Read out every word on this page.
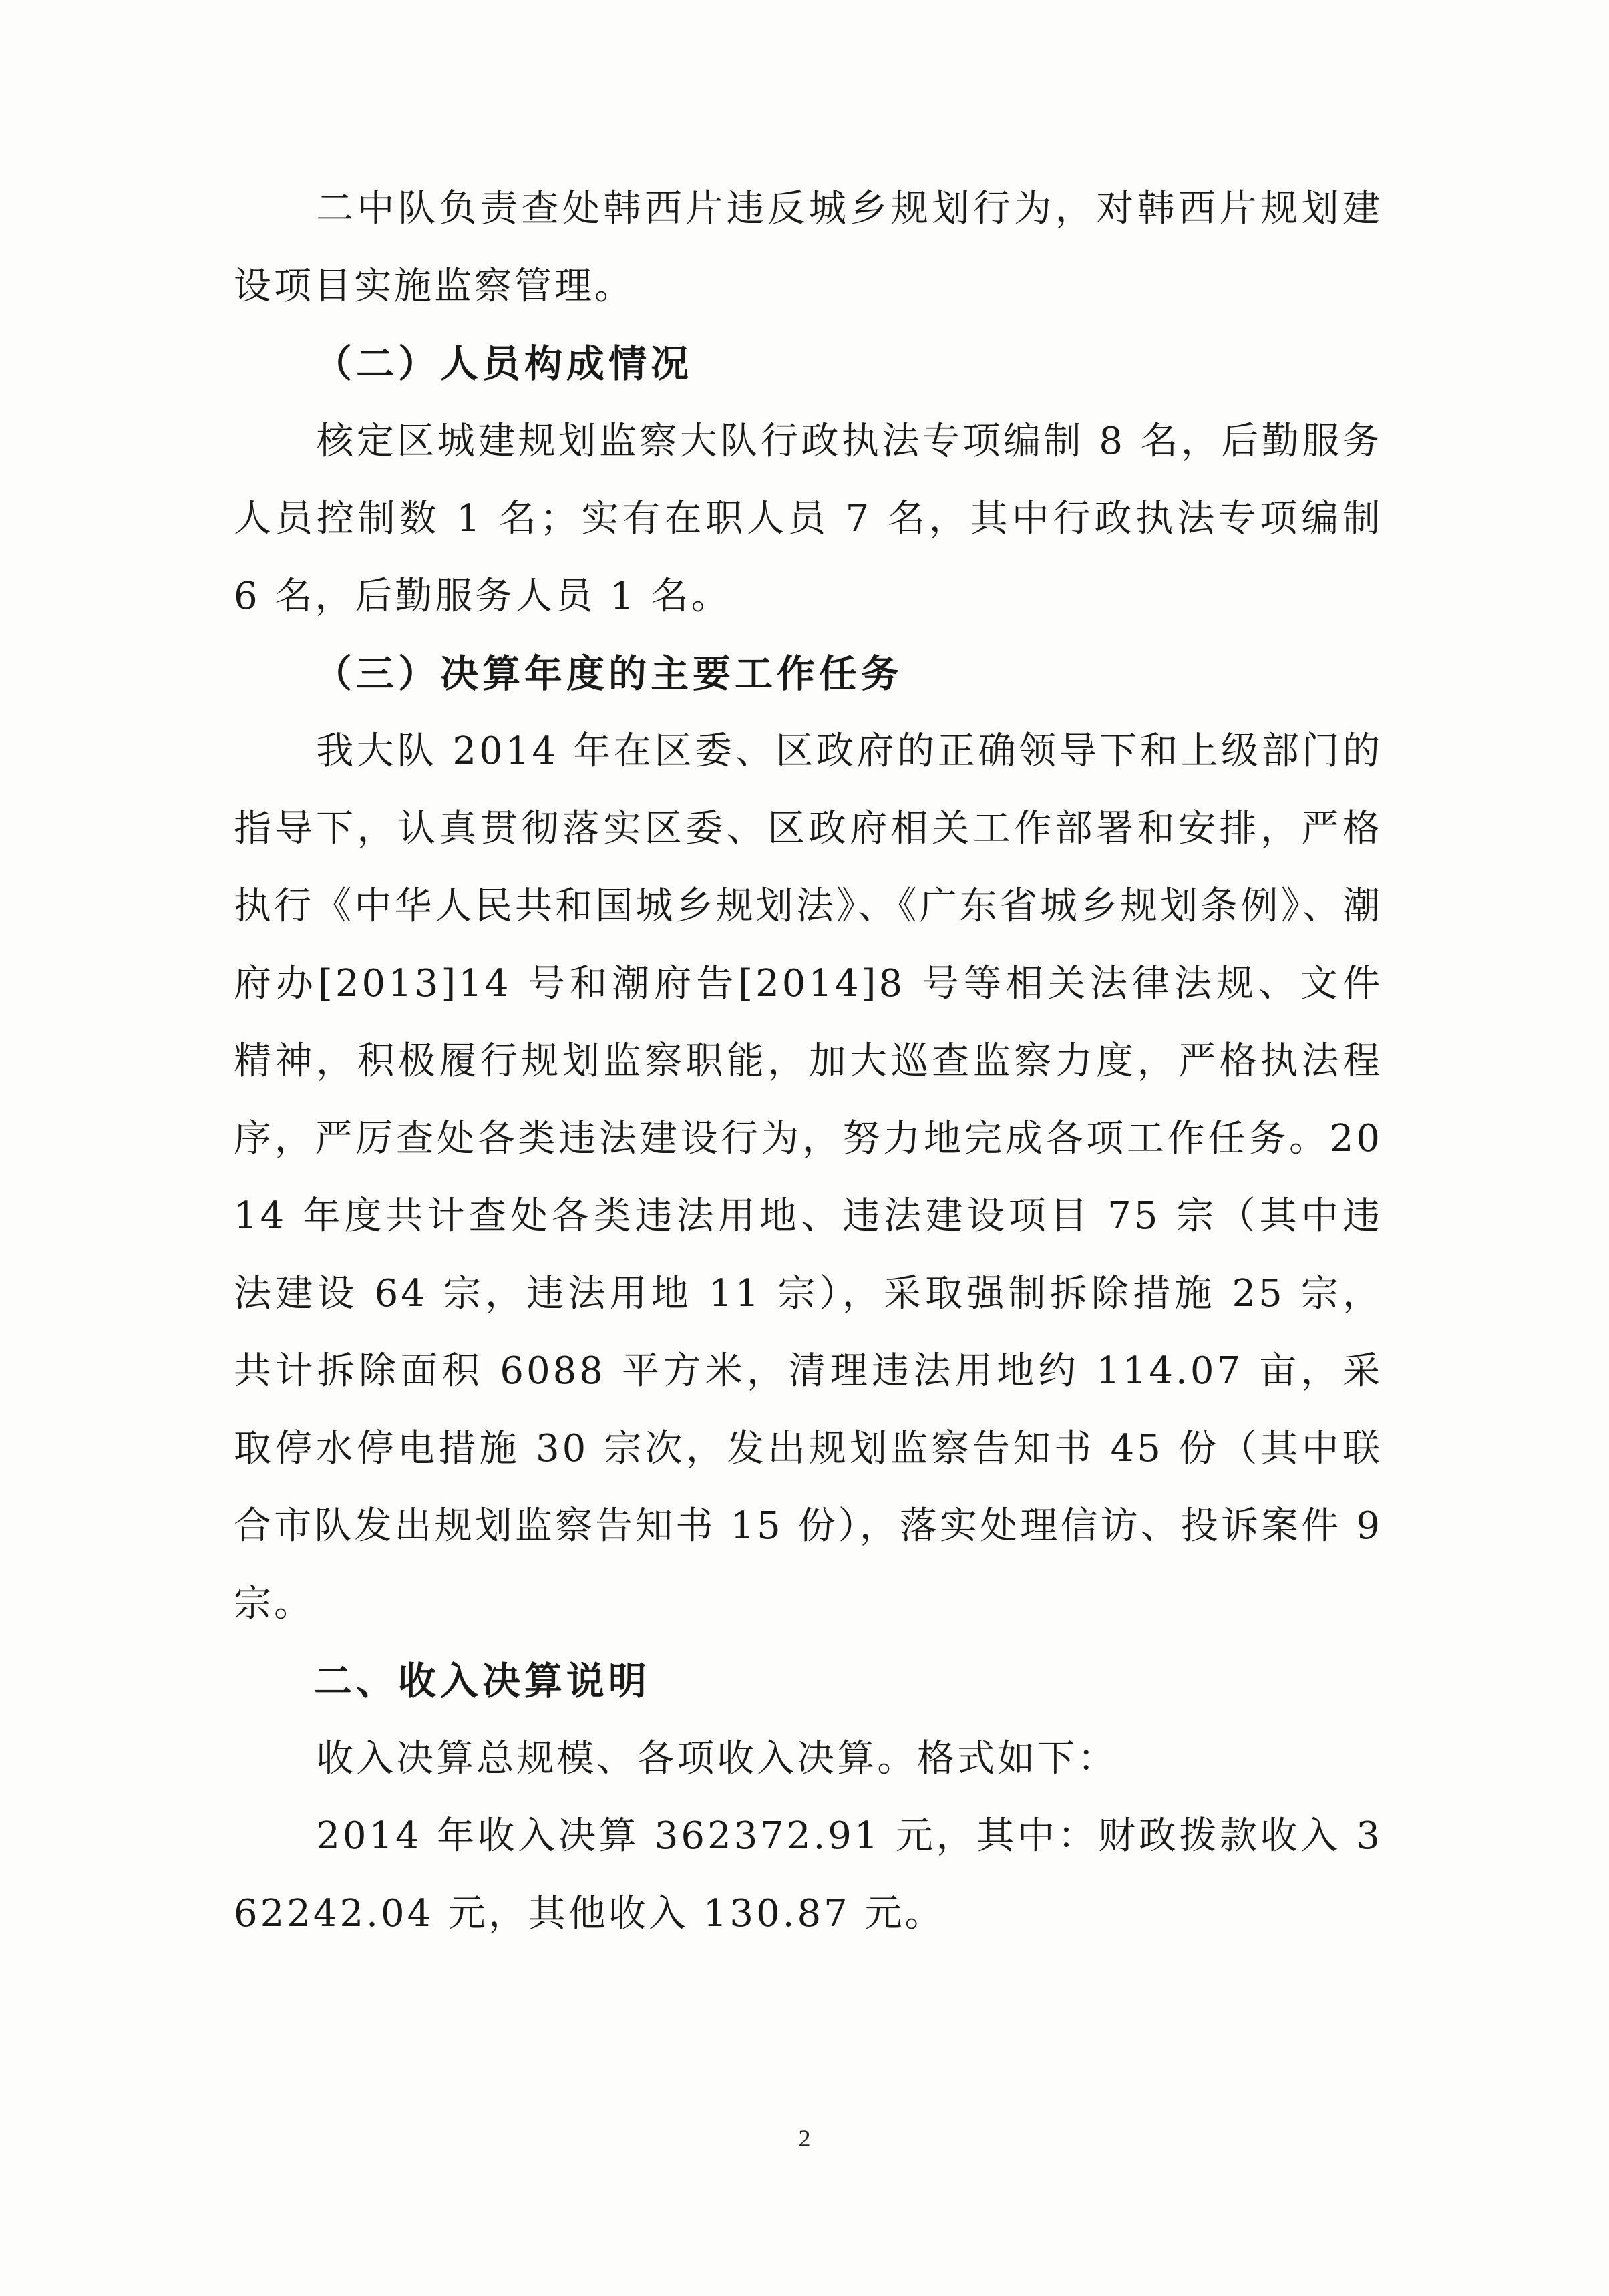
二中队负责查处韩西片违反城乡规划行为，对韩西片规划建设项目实施监察管理。

（二）人员构成情况

核定区城建规划监察大队行政执法专项编制 8 名，后勤服务人员控制数 1 名；实有在职人员 7 名，其中行政执法专项编制 6 名，后勤服务人员 1 名。

（三）决算年度的主要工作任务

我大队 2014 年在区委、区政府的正确领导下和上级部门的指导下，认真贯彻落实区委、区政府相关工作部署和安排，严格执行《中华人民共和国城乡规划法》、《广东省城乡规划条例》、潮府办[2013]14 号和潮府告[2014]8 号等相关法律法规、文件精神，积极履行规划监察职能，加大巡查监察力度，严格执法程序，严厉查处各类违法建设行为，努力地完成各项工作任务。2014 年度共计查处各类违法用地、违法建设项目 75 宗（其中违法建设 64 宗，违法用地 11 宗），采取强制拆除措施 25 宗，共计拆除面积 6088 平方米，清理违法用地约 114.07 亩，采取停水停电措施 30 宗次，发出规划监察告知书 45 份（其中联合市队发出规划监察告知书 15 份），落实处理信访、投诉案件 9 宗。

二、收入决算说明

收入决算总规模、各项收入决算。格式如下：

2014 年收入决算 362372.91 元，其中：财政拨款收入 362242.04 元，其他收入 130.87 元。

2
